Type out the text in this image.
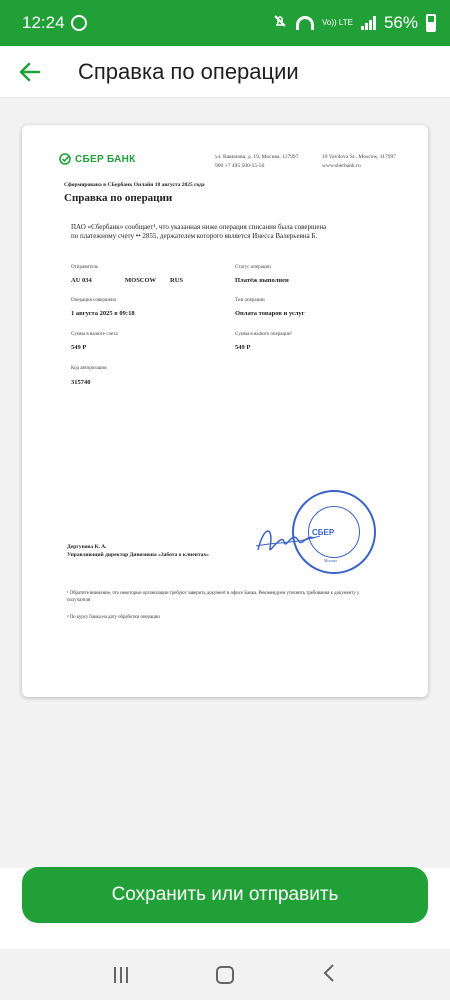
12:24	Vo)) LTE 56%
Справка по операции
СБЕР БАНК	ул. Вавилова, д. 19, Москва, 117997
900 +7 495 500-55-50
19 Vavilova St., Moscow, 117997
www.sberbank.ru
Сформирована в СБербанк Онлайн 18 августа 2025 года
Справка по операции
ПАО «Сбербанк» сообщает¹, что указанная ниже операция списания была совершена по платежному счету •• 2855, держателем которого является Инесса Валерьевна Б.
Отправитель
AU 034	MOSCOW RUS
Статус операции
Платёж выполнен
Операция совершена
1 августа 2025 в 09:18
Тип операции
Оплата товаров и услуг
Сумма в валюте счета
549 Р
Сумма в валюте операции²
549 Р
Код авторизации
315740
СБЕР
Москва
Дергунова К. А.
Управляющий директор Дивизиона «Забота о клиентах»
¹ Обратите внимание, что некоторые организации требуют заверить документ в офисе Банка. Рекомендуем уточнить требования к документу у получателя
² По курсу банка на дату обработки операции
Сохранить или отправить
